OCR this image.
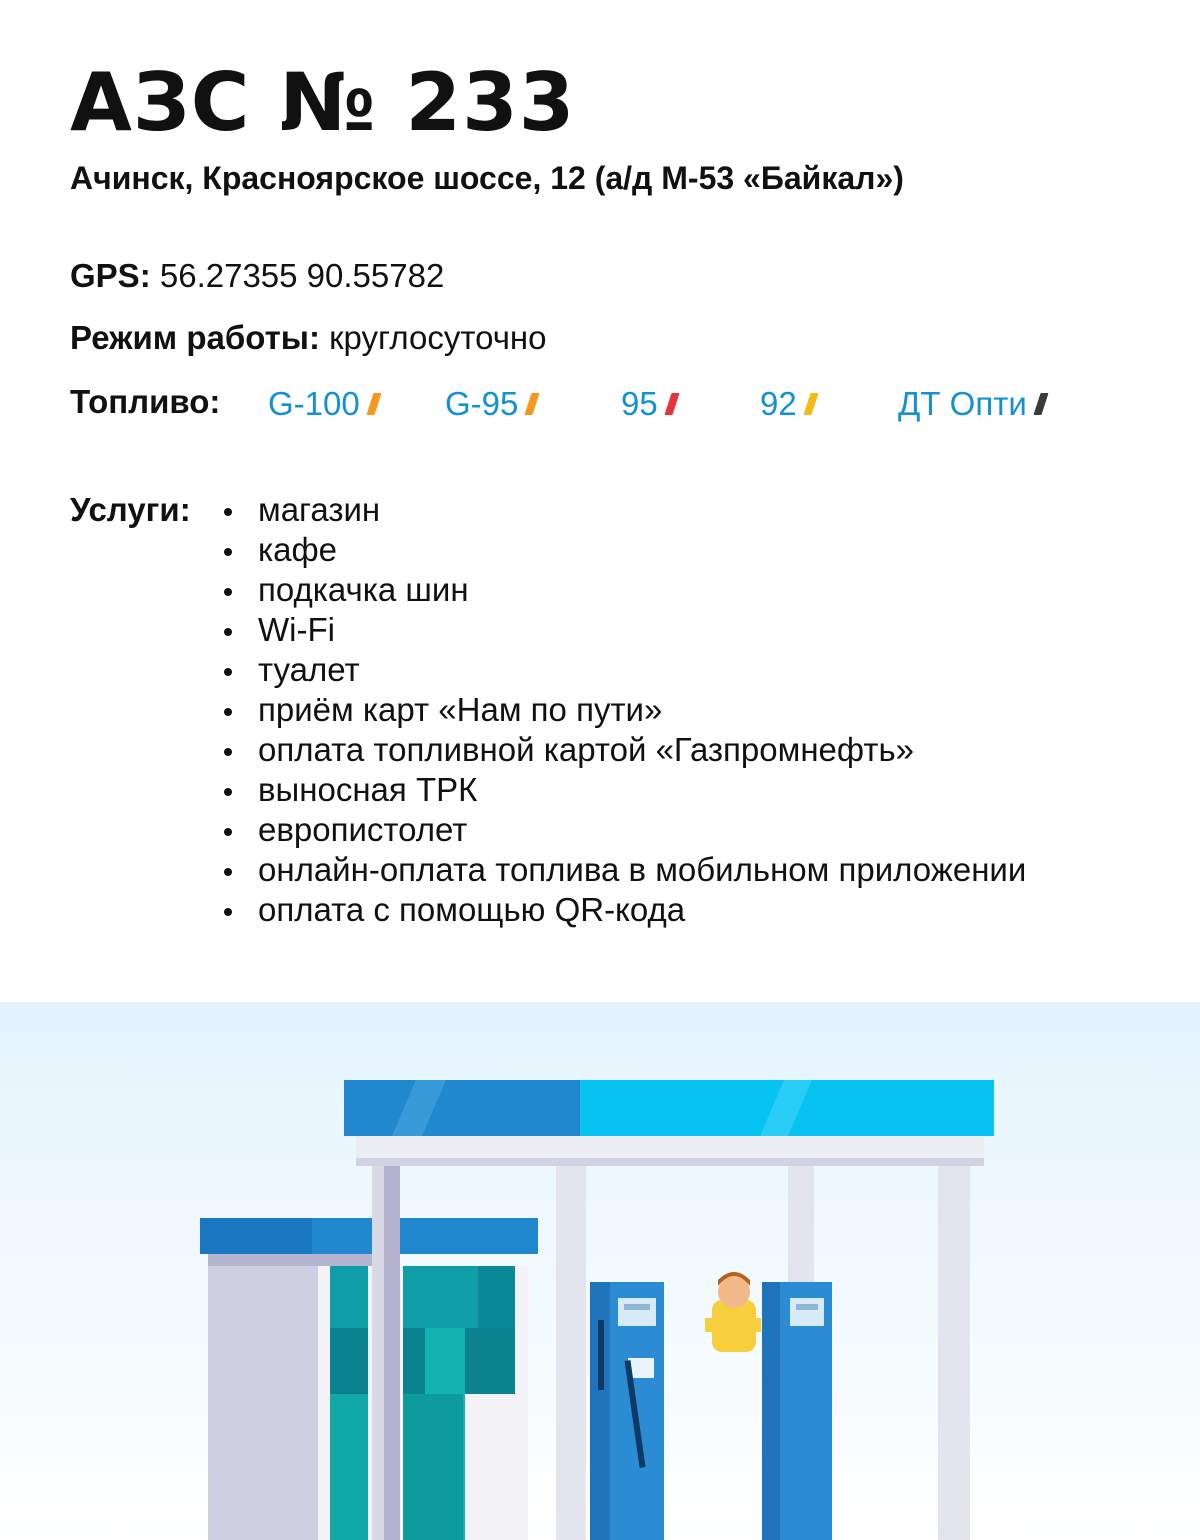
АЗС № 233

Ачинск, Красноярское шоссе, 12 (а/д М-53 «Байкал»)

GPS: 56.27355 90.55782
Режим работы: круглосуточно
Топливо: G-100	G-95	95	92	ДТ Опти
Услуги:	магазин
кафе
подкачка шин
Wi-Fi
туалет
приём карт «Нам по пути»
оплата топливной картой «Газпромнефть»
выносная ТРК
европистолет
онлайн-оплата топлива в мобильном приложении
оплата с помощью QR-кода
